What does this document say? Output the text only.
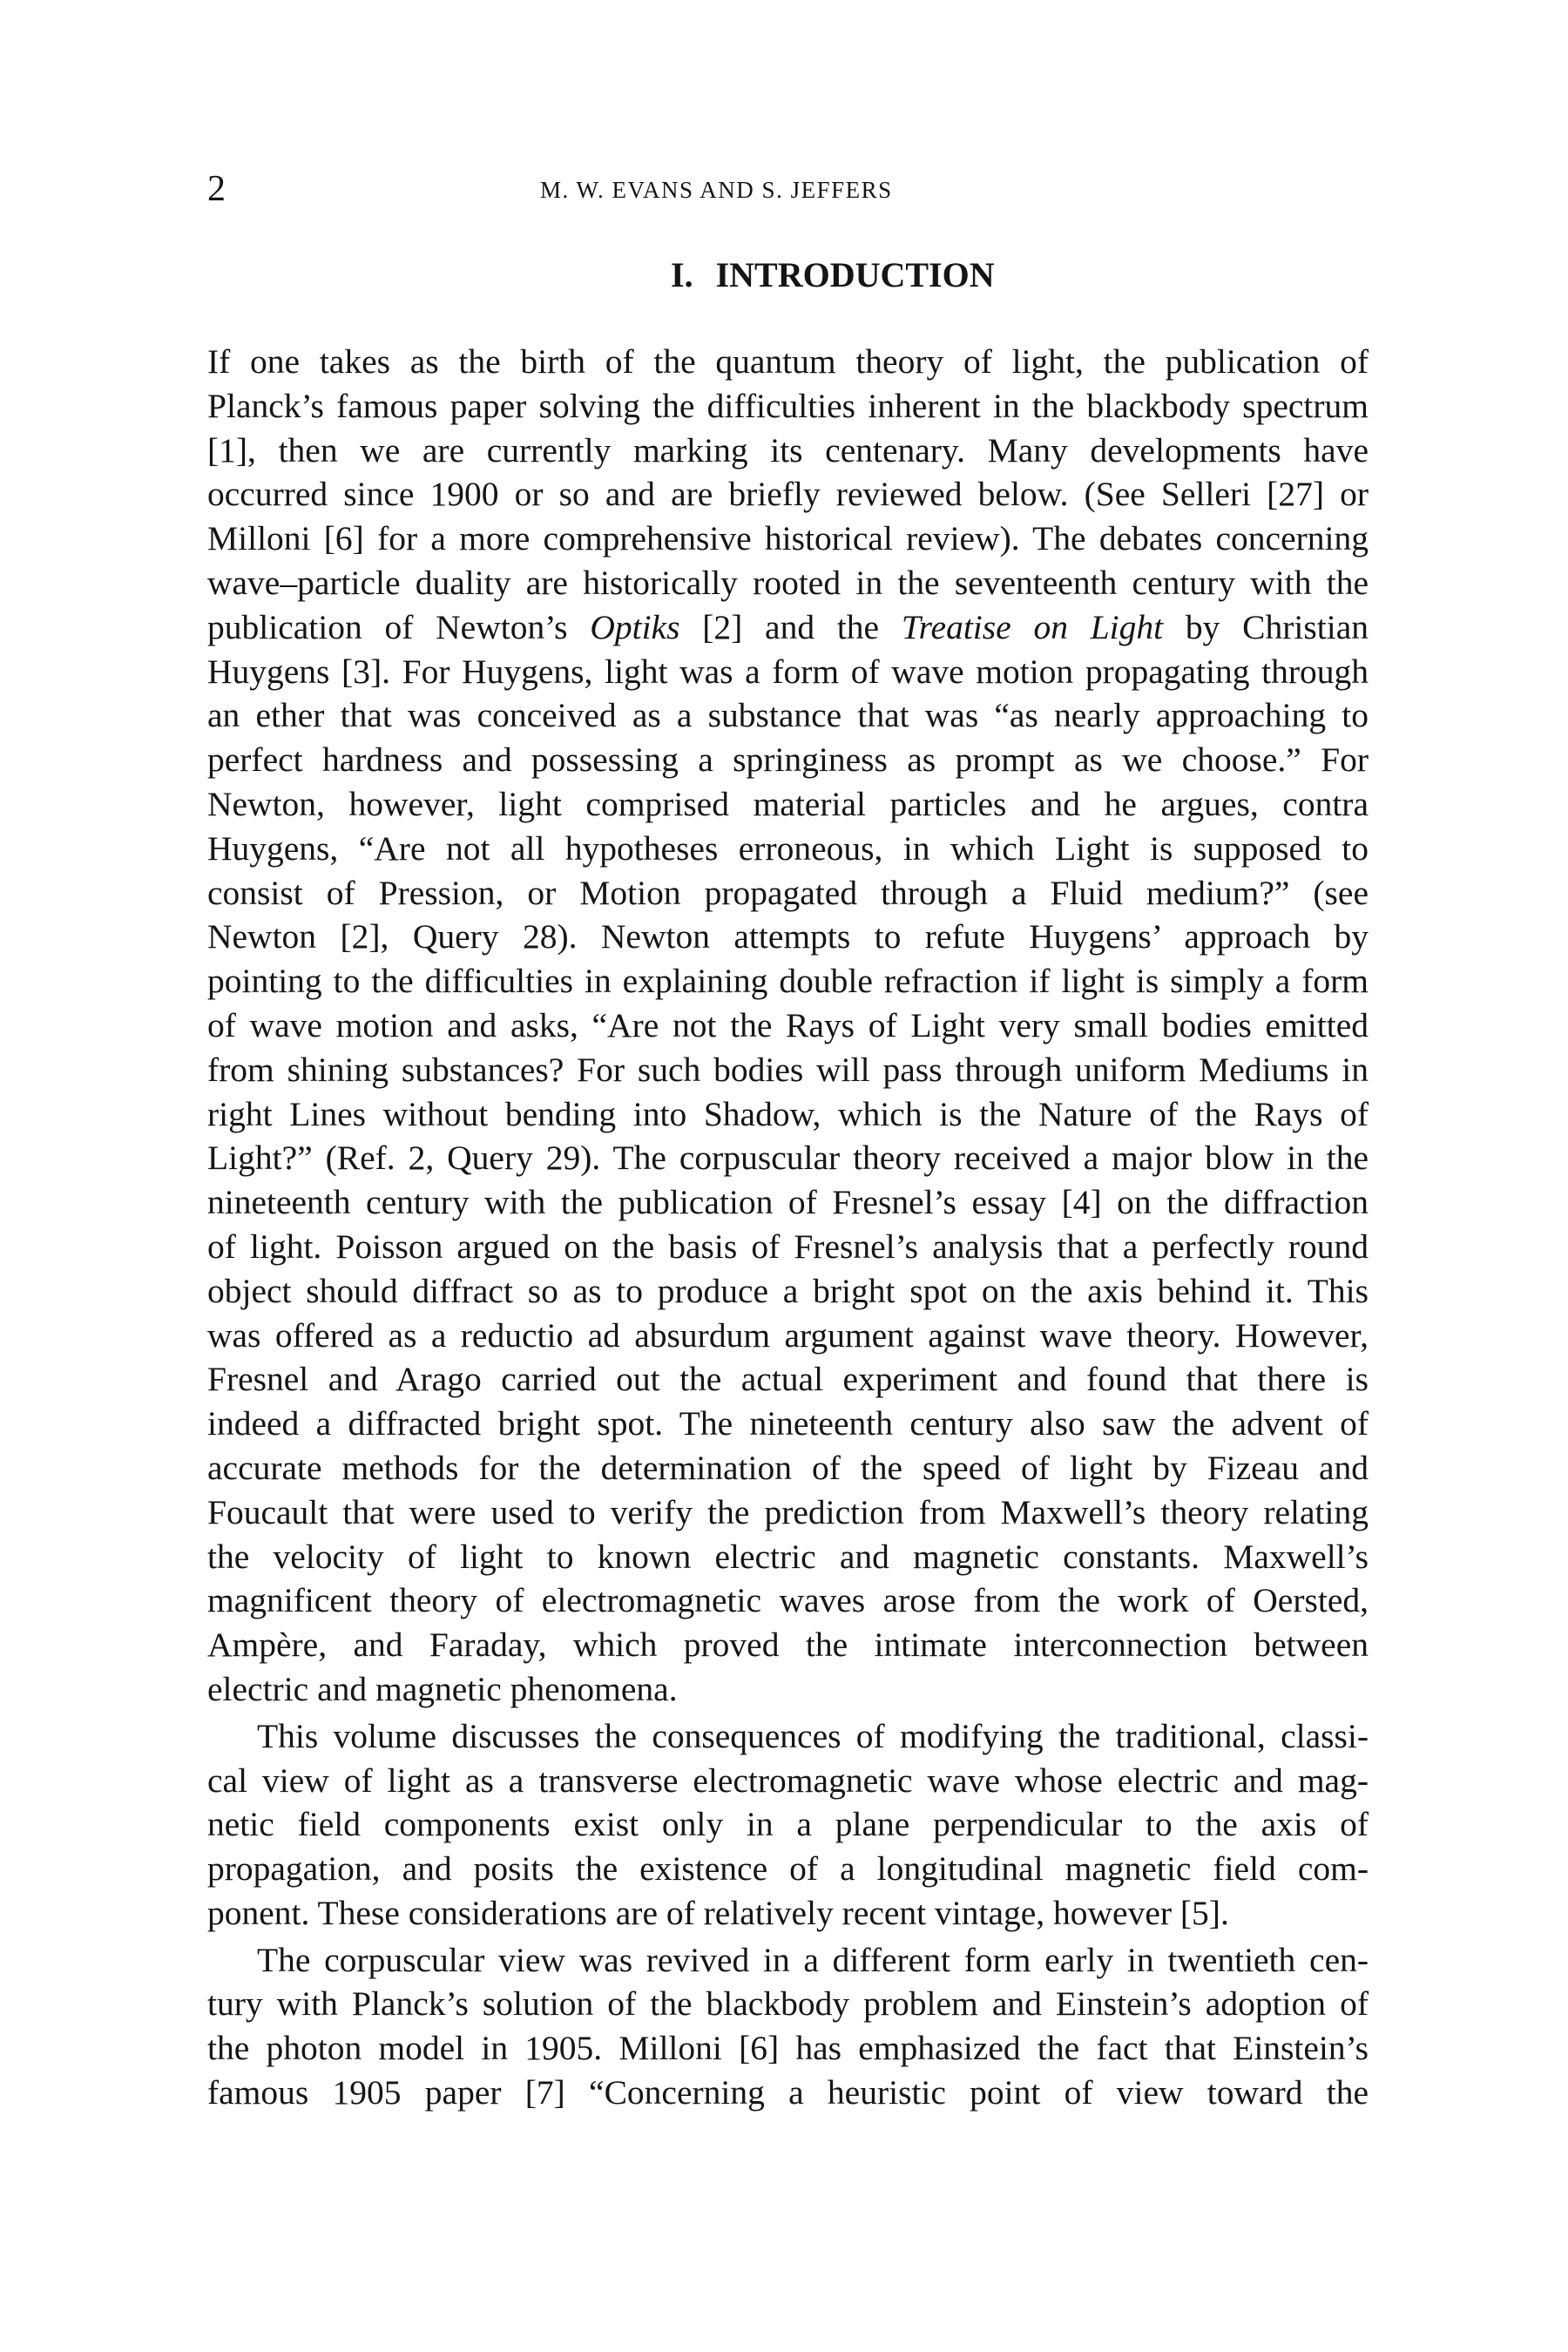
2	M. W. EVANS AND S. JEFFERS
I. INTRODUCTION
If one takes as the birth of the quantum theory of light, the publication of
Planck’s famous paper solving the difficulties inherent in the blackbody spectrum
[1], then we are currently marking its centenary. Many developments have
occurred since 1900 or so and are briefly reviewed below. (See Selleri [27] or
Milloni [6] for a more comprehensive historical review). The debates concerning
wave–particle duality are historically rooted in the seventeenth century with the
publication of Newton’s Optiks [2] and the Treatise on Light by Christian
Huygens [3]. For Huygens, light was a form of wave motion propagating through
an ether that was conceived as a substance that was “as nearly approaching to
perfect hardness and possessing a springiness as prompt as we choose.” For
Newton, however, light comprised material particles and he argues, contra
Huygens, “Are not all hypotheses erroneous, in which Light is supposed to
consist of Pression, or Motion propagated through a Fluid medium?” (see
Newton [2], Query 28). Newton attempts to refute Huygens’ approach by
pointing to the difficulties in explaining double refraction if light is simply a form
of wave motion and asks, “Are not the Rays of Light very small bodies emitted
from shining substances? For such bodies will pass through uniform Mediums in
right Lines without bending into Shadow, which is the Nature of the Rays of
Light?” (Ref. 2, Query 29). The corpuscular theory received a major blow in the
nineteenth century with the publication of Fresnel’s essay [4] on the diffraction
of light. Poisson argued on the basis of Fresnel’s analysis that a perfectly round
object should diffract so as to produce a bright spot on the axis behind it. This
was offered as a reductio ad absurdum argument against wave theory. However,
Fresnel and Arago carried out the actual experiment and found that there is
indeed a diffracted bright spot. The nineteenth century also saw the advent of
accurate methods for the determination of the speed of light by Fizeau and
Foucault that were used to verify the prediction from Maxwell’s theory relating
the velocity of light to known electric and magnetic constants. Maxwell’s
magnificent theory of electromagnetic waves arose from the work of Oersted,
Ampère, and Faraday, which proved the intimate interconnection between
electric and magnetic phenomena.
This volume discusses the consequences of modifying the traditional, classi-
cal view of light as a transverse electromagnetic wave whose electric and mag-
netic field components exist only in a plane perpendicular to the axis of
propagation, and posits the existence of a longitudinal magnetic field com-
ponent. These considerations are of relatively recent vintage, however [5].
The corpuscular view was revived in a different form early in twentieth cen-
tury with Planck’s solution of the blackbody problem and Einstein’s adoption of
the photon model in 1905. Milloni [6] has emphasized the fact that Einstein’s
famous 1905 paper [7] “Concerning a heuristic point of view toward the
